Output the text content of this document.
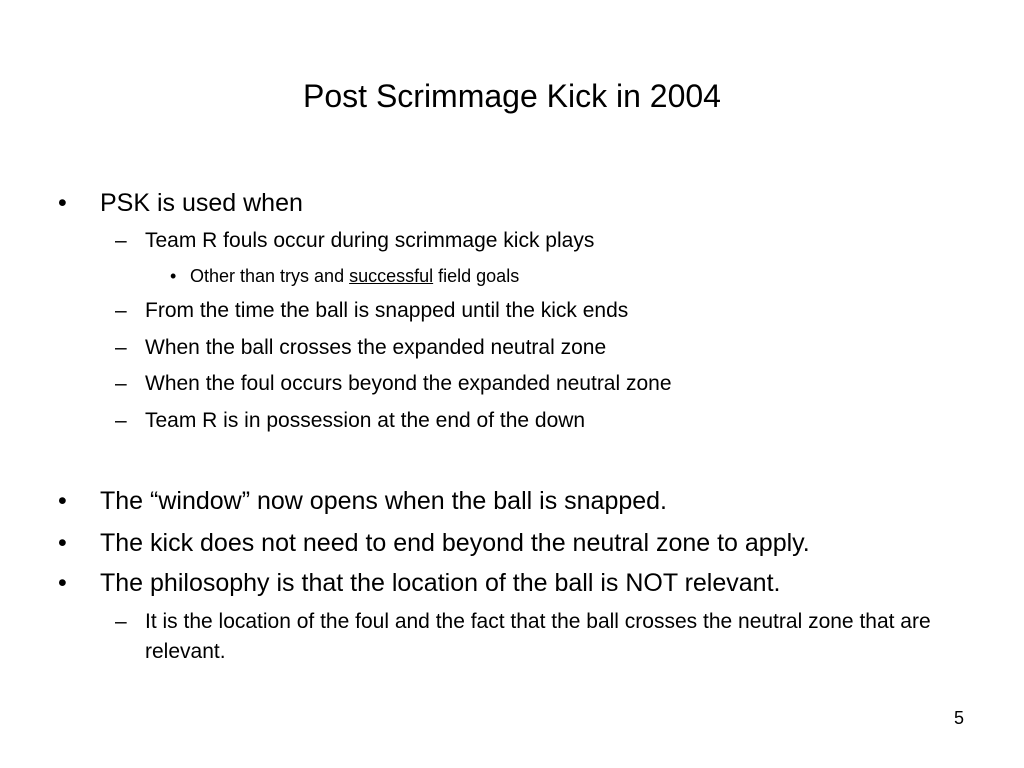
Post Scrimmage Kick in 2004
•	PSK is used when
– Team R fouls occur during scrimmage kick plays
• Other than trys and successful field goals
– From the time the ball is snapped until the kick ends
– When the ball crosses the expanded neutral zone
– When the foul occurs beyond the expanded neutral zone
– Team R is in possession at the end of the down
•	The “window” now opens when the ball is snapped.
•	The kick does not need to end beyond the neutral zone to apply.
•	The philosophy is that the location of the ball is NOT relevant.
– It is the location of the foul and the fact that the ball crosses the neutral zone that are relevant.
5
